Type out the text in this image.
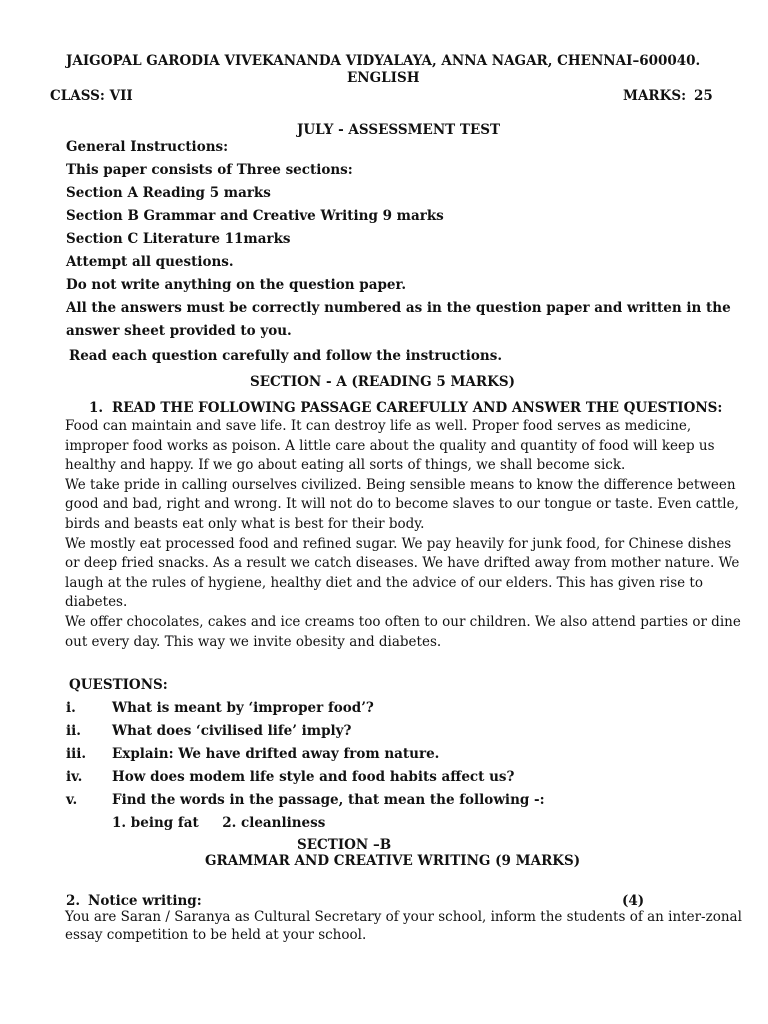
JAIGOPAL GARODIA VIVEKANANDA VIDYALAYA, ANNA NAGAR, CHENNAI–600040.
ENGLISH
CLASS: VII	MARKS: 25
JULY - ASSESSMENT TEST
General Instructions:
This paper consists of Three sections:
Section A Reading 5 marks
Section B Grammar and Creative Writing 9 marks
Section C Literature 11marks
Attempt all questions.
Do not write anything on the question paper.
All the answers must be correctly numbered as in the question paper and written in the
answer sheet provided to you.
Read each question carefully and follow the instructions.
SECTION - A (READING 5 MARKS)
1. READ THE FOLLOWING PASSAGE CAREFULLY AND ANSWER THE QUESTIONS:
Food can maintain and save life. It can destroy life as well. Proper food serves as medicine,
improper food works as poison. A little care about the quality and quantity of food will keep us
healthy and happy. If we go about eating all sorts of things, we shall become sick.
We take pride in calling ourselves civilized. Being sensible means to know the difference between
good and bad, right and wrong. It will not do to become slaves to our tongue or taste. Even cattle,
birds and beasts eat only what is best for their body.
We mostly eat processed food and refined sugar. We pay heavily for junk food, for Chinese dishes
or deep fried snacks. As a result we catch diseases. We have drifted away from mother nature. We
laugh at the rules of hygiene, healthy diet and the advice of our elders. This has given rise to
diabetes.
We offer chocolates, cakes and ice creams too often to our children. We also attend parties or dine
out every day. This way we invite obesity and diabetes.
QUESTIONS:
i.	What is meant by ‘improper food’?
ii. What does ‘civilised life’ imply?
iii. Explain: We have drifted away from nature.
iv. How does modem life style and food habits affect us?
v.	Find the words in the passage, that mean the following -:
1. being fat     2. cleanliness
SECTION –B
GRAMMAR AND CREATIVE WRITING (9 MARKS)
2. Notice writing:	(4)
You are Saran / Saranya as Cultural Secretary of your school, inform the students of an inter-zonal
essay competition to be held at your school.
